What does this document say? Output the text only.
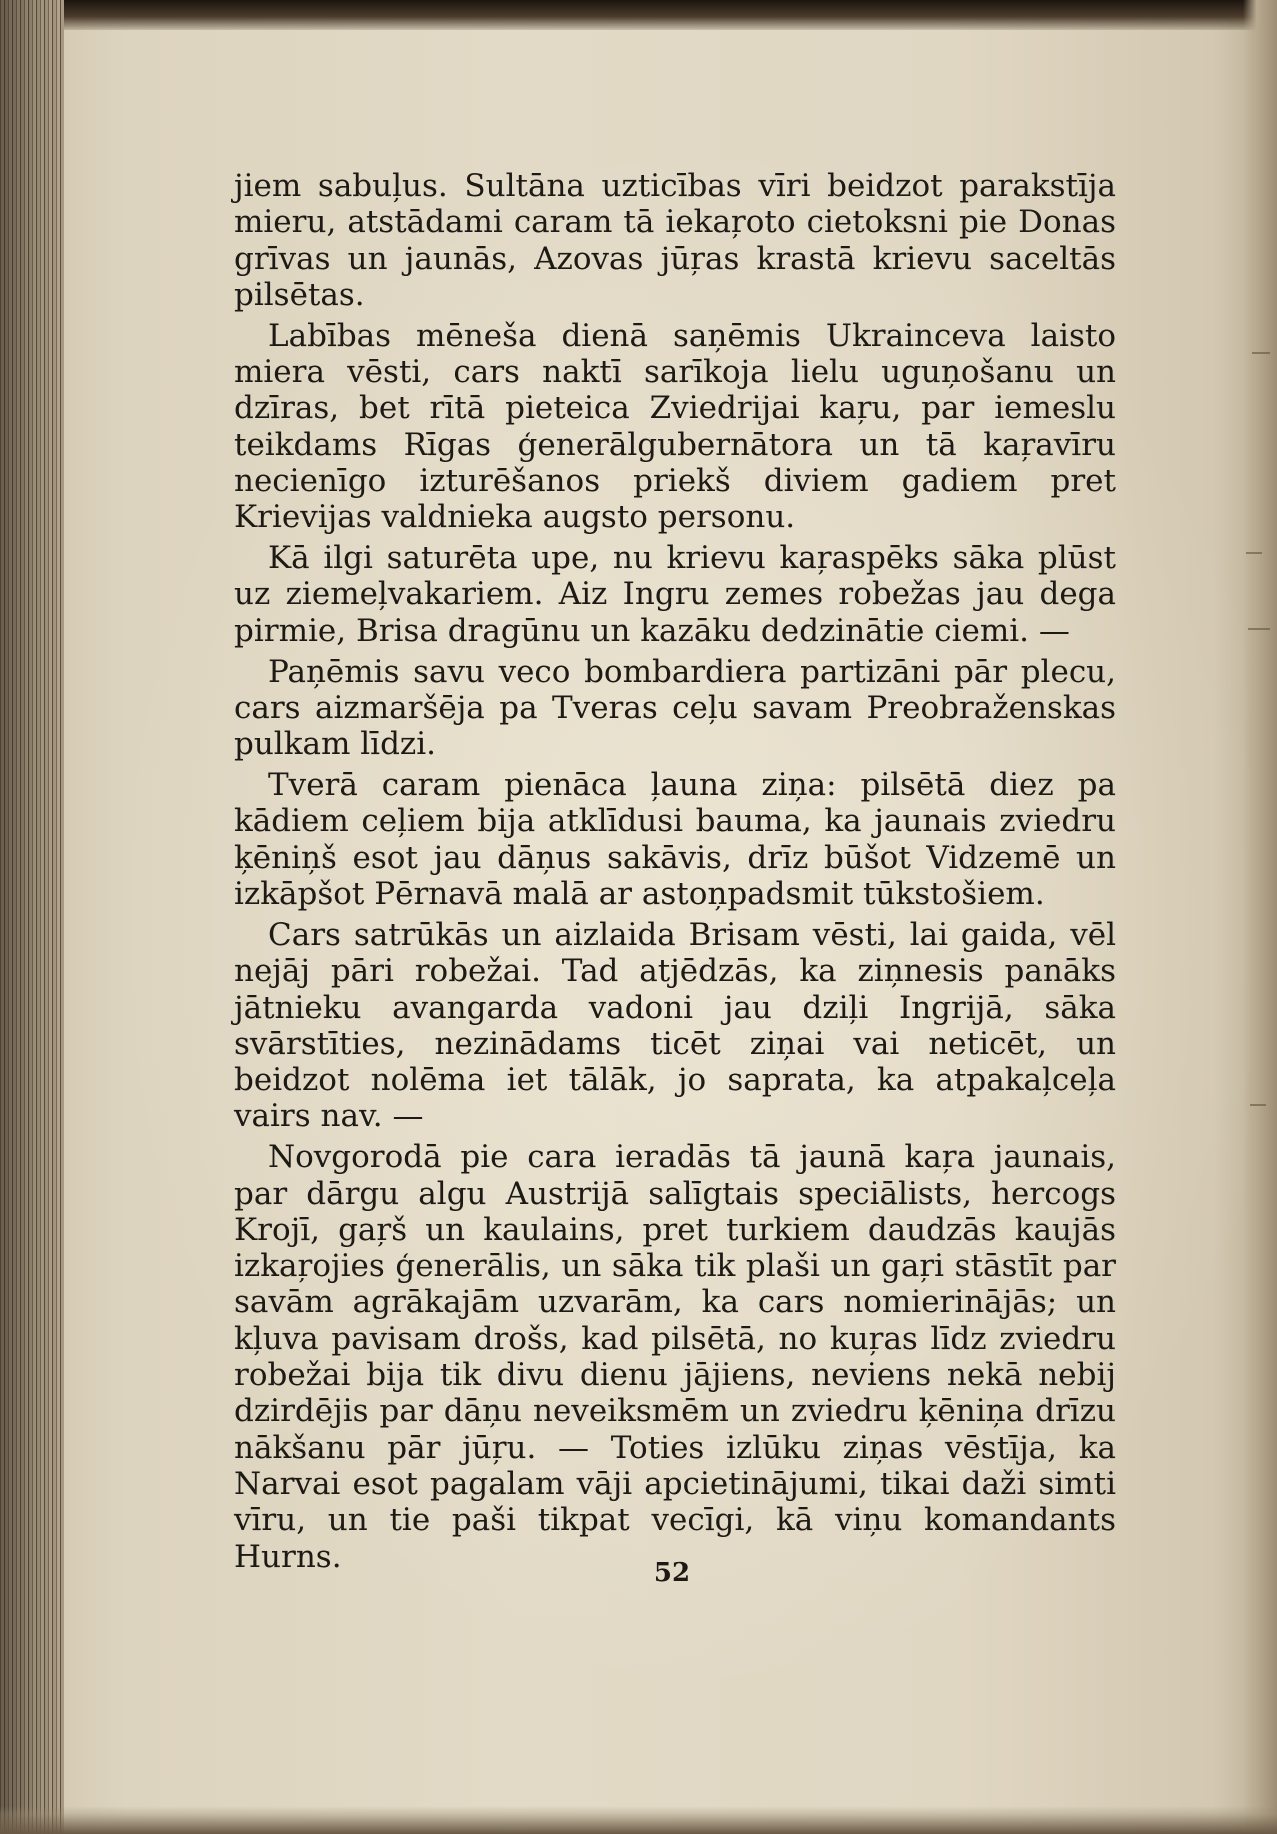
jiem sabuļus. Sultāna uzticības vīri beidzot parakstīja mieru, atstādami caram tā iekaŗoto cietoksni pie Donas grīvas un jaunās, Azovas jūŗas krastā krievu saceltās pilsētas.

Labības mēneša dienā saņēmis Ukrainceva laisto miera vēsti, cars naktī sarīkoja lielu uguņošanu un dzīras, bet rītā pieteica Zviedrijai kaŗu, par iemeslu teikdams Rīgas ģenerālgubernātora un tā kaŗavīru necienīgo izturēšanos priekš diviem gadiem pret Krievijas valdnieka augsto personu.

Kā ilgi saturēta upe, nu krievu kaŗaspēks sāka plūst uz ziemeļvakariem. Aiz Ingru zemes robežas jau dega pirmie, Brisa dragūnu un kazāku dedzinātie ciemi. —

Paņēmis savu veco bombardiera partizāni pār plecu, cars aizmaršēja pa Tveras ceļu savam Preobraženskas pulkam līdzi.

Tverā caram pienāca ļauna ziņa: pilsētā diez pa kādiem ceļiem bija atklīdusi bauma, ka jaunais zviedru ķēniņš esot jau dāņus sakāvis, drīz būšot Vidzemē un izkāpšot Pērnavā malā ar astoņpadsmit tūkstošiem.

Cars satrūkās un aizlaida Brisam vēsti, lai gaida, vēl nejāj pāri robežai. Tad atjēdzās, ka ziņnesis panāks jātnieku avangarda vadoni jau dziļi Ingrijā, sāka svārstīties, nezinādams ticēt ziņai vai neticēt, un beidzot nolēma iet tālāk, jo saprata, ka atpakaļceļa vairs nav. —

Novgorodā pie cara ieradās tā jaunā kaŗa jaunais, par dārgu algu Austrijā salīgtais speciālists, hercogs Krojī, gaŗš un kaulains, pret turkiem daudzās kaujās izkaŗojies ģenerālis, un sāka tik plaši un gaŗi stāstīt par savām agrākajām uzvarām, ka cars nomierinājās; un kļuva pavisam drošs, kad pilsētā, no kuŗas līdz zviedru robežai bija tik divu dienu jājiens, neviens nekā nebij dzirdējis par dāņu neveiksmēm un zviedru ķēniņa drīzu nākšanu pār jūŗu. — Toties izlūku ziņas vēstīja, ka Narvai esot pagalam vāji apcietinājumi, tikai daži simti vīru, un tie paši tikpat vecīgi, kā viņu komandants Hurns.	52
